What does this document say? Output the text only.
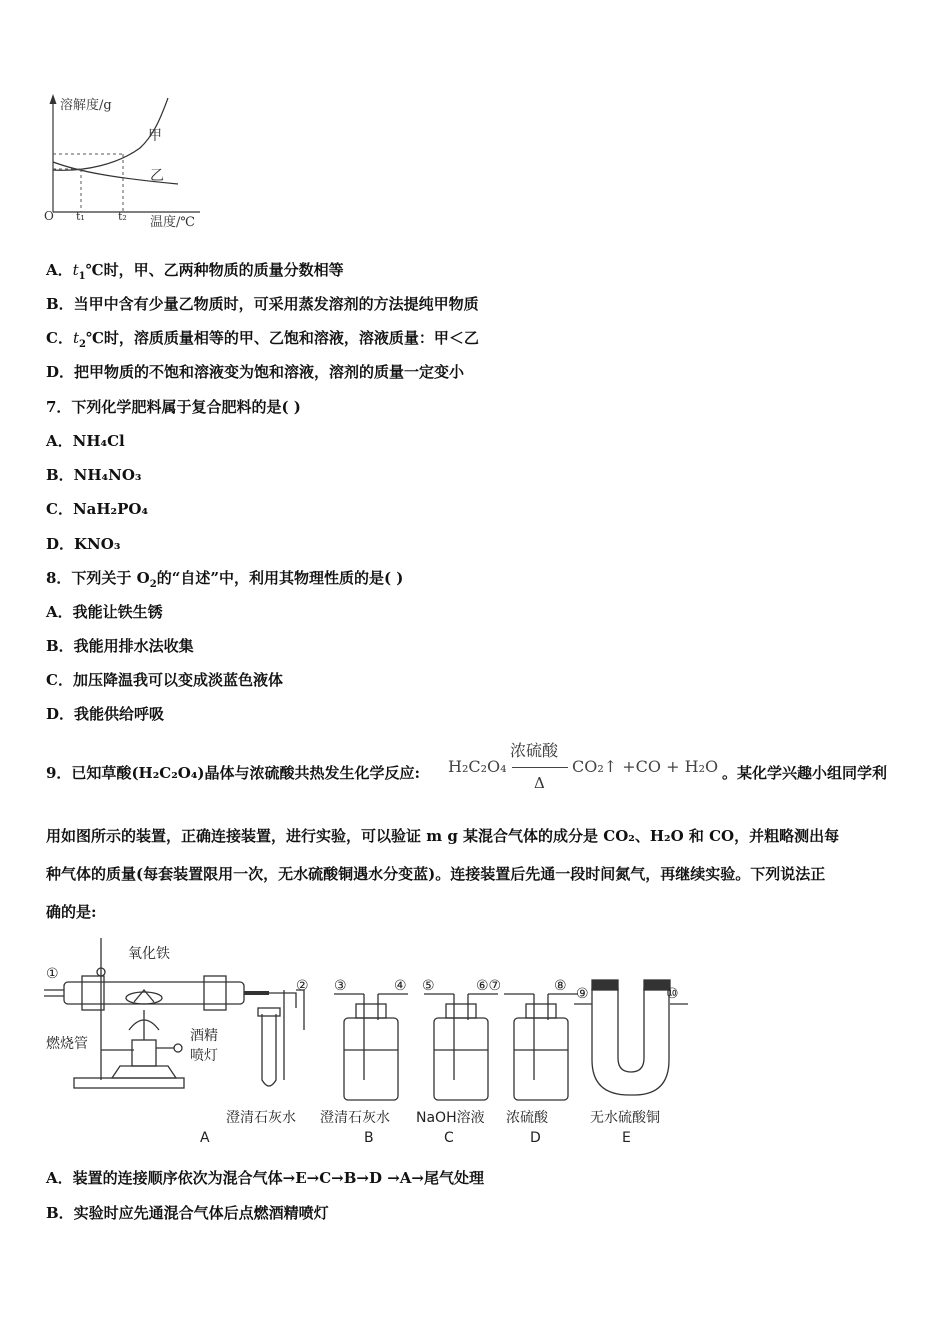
溶解度/g
甲
乙
O t₁	t₂ 温度/℃
A．$t_1℃$时，甲、乙两种物质的质量分数相等
B．当甲中含有少量乙物质时，可采用蒸发溶剂的方法提纯甲物质
C．$t_2℃$时，溶质质量相等的甲、乙饱和溶液，溶液质量：甲＜乙
D．把甲物质的不饱和溶液变为饱和溶液，溶剂的质量一定变小
7．下列化学肥料属于复合肥料的是( )
A．NH₄Cl
B．NH₄NO₃
C．NaH₂PO₄
D．KNO₃
8．下列关于 $O_2$的“自述”中，利用其物理性质的是( )
A．我能让铁生锈
B．我能用排水法收集
C．加压降温我可以变成淡蓝色液体
D．我能供给呼吸
9．已知草酸(H₂C₂O₄)晶体与浓硫酸共热发生化学反应: H₂C₂O₄
浓硫酸
Δ
CO₂↑ +CO + H₂O 。某化学兴趣小组同学利
用如图所示的装置，正确连接装置，进行实验，可以验证 m g 某混合气体的成分是 CO₂、H₂O 和 CO，并粗略测出每
种气体的质量(每套装置限用一次，无水硫酸铜遇水分变蓝)。连接装置后先通一段时间氮气，再继续实验。下列说法正
确的是:
①
氧化铁
燃烧管	酒精
喷灯
② ③	④ ⑤	⑥⑦	⑧ ⑨	⑩
澄清石灰水 澄清石灰水 NaOH溶液 浓硫酸	无水硫酸铜
A	B	C	D	E
A．装置的连接顺序依次为混合气体→E→C→B→D →A→尾气处理
B．实验时应先通混合气体后点燃酒精喷灯
